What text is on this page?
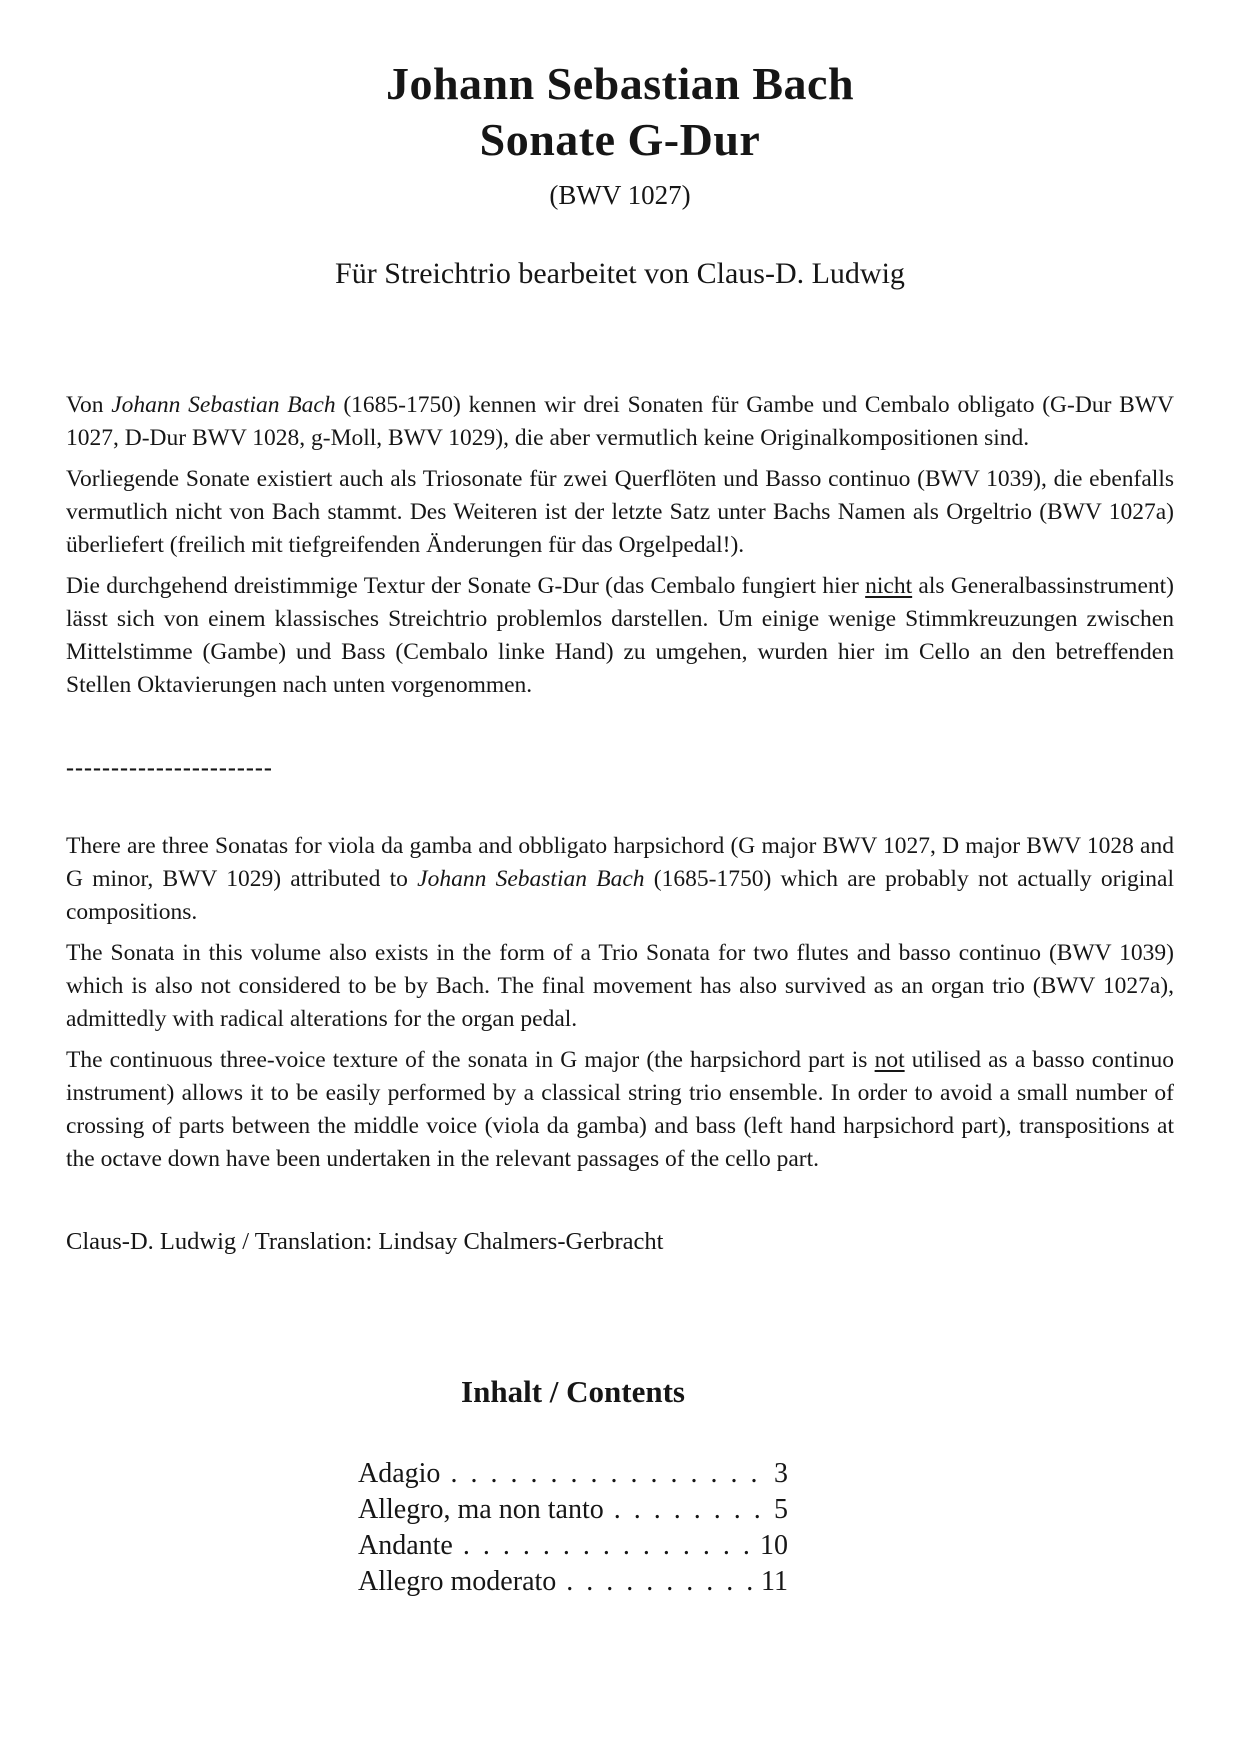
Johann Sebastian Bach
Sonate G-Dur
(BWV 1027)
Für Streichtrio bearbeitet von Claus-D. Ludwig

Von Johann Sebastian Bach (1685-1750) kennen wir drei Sonaten für Gambe und Cembalo obligato (G-Dur BWV 1027, D-Dur BWV 1028, g-Moll, BWV 1029), die aber vermutlich keine Originalkompositionen sind.

Vorliegende Sonate existiert auch als Triosonate für zwei Querflöten und Basso continuo (BWV 1039), die ebenfalls vermutlich nicht von Bach stammt. Des Weiteren ist der letzte Satz unter Bachs Namen als Orgeltrio (BWV 1027a) überliefert (freilich mit tiefgreifenden Änderungen für das Orgelpedal!).

Die durchgehend dreistimmige Textur der Sonate G-Dur (das Cembalo fungiert hier nicht als Generalbassinstrument) lässt sich von einem klassisches Streichtrio problemlos darstellen. Um einige wenige Stimmkreuzungen zwischen Mittelstimme (Gambe) und Bass (Cembalo linke Hand) zu umgehen, wurden hier im Cello an den betreffenden Stellen Oktavierungen nach unten vorgenommen.

-----------------------

There are three Sonatas for viola da gamba and obbligato harpsichord (G major BWV 1027, D major BWV 1028 and G minor, BWV 1029) attributed to Johann Sebastian Bach (1685-1750) which are probably not actually original compositions.

The Sonata in this volume also exists in the form of a Trio Sonata for two flutes and basso continuo (BWV 1039) which is also not considered to be by Bach. The final movement has also survived as an organ trio (BWV 1027a), admittedly with radical alterations for the organ pedal.

The continuous three-voice texture of the sonata in G major (the harpsichord part is not utilised as a basso continuo instrument) allows it to be easily performed by a classical string trio ensemble. In order to avoid a small number of crossing of parts between the middle voice (viola da gamba) and bass (left hand harpsichord part), transpositions at the octave down have been undertaken in the relevant passages of the cello part.

Claus-D. Ludwig / Translation: Lindsay Chalmers-Gerbracht
Inhalt / Contents
Adagio . . .	3
Allegro, ma non tanto . . .	5
Andante . . .	10
Allegro moderato . . .	11
